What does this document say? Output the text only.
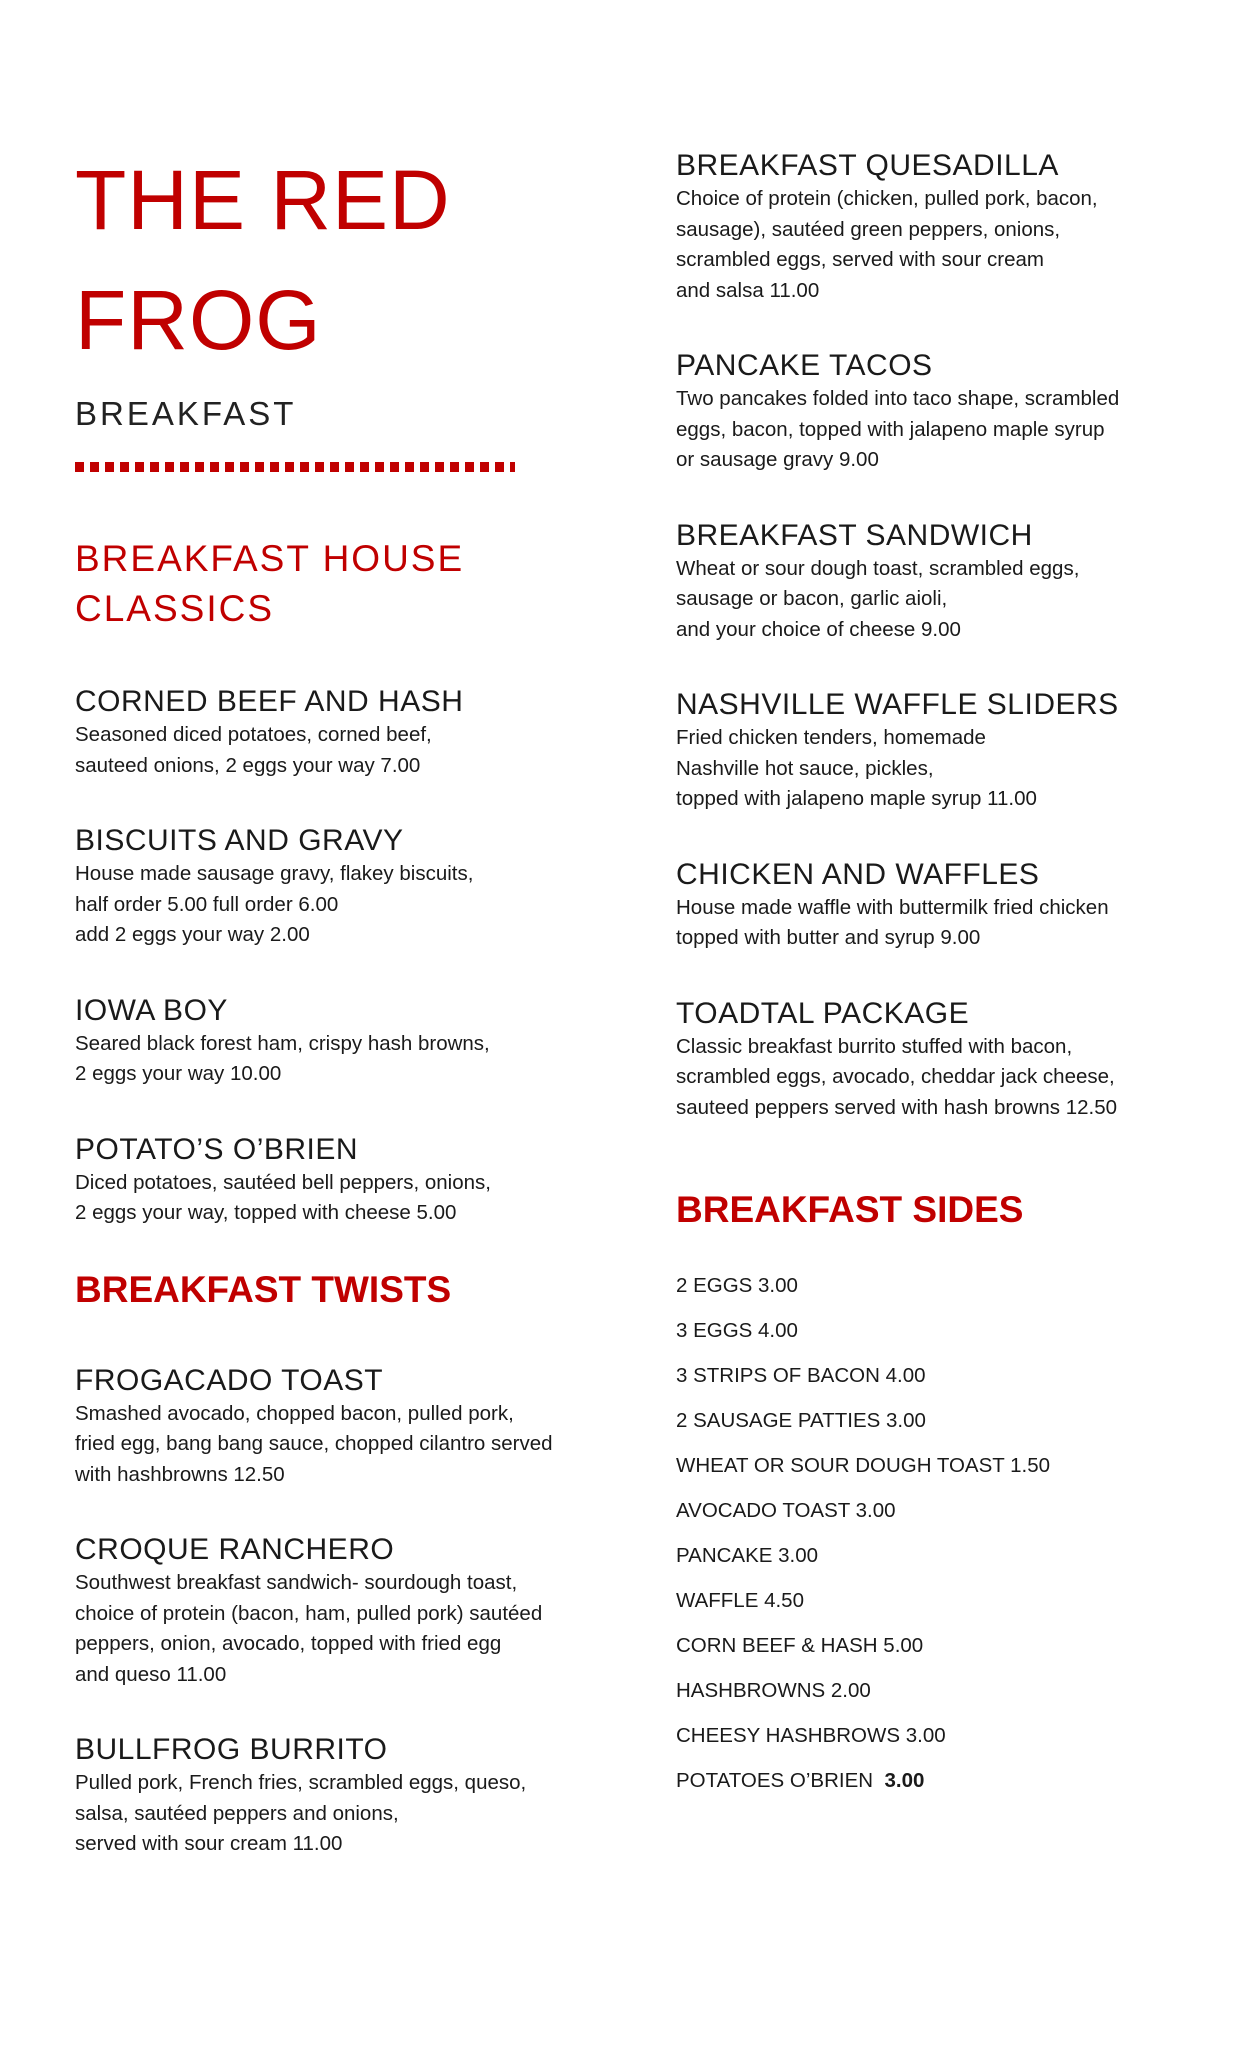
THE RED
FROG
BREAKFAST
BREAKFAST HOUSE
CLASSICS
CORNED BEEF AND HASH
Seasoned diced potatoes, corned beef,
sauteed onions, 2 eggs your way 7.00
BISCUITS AND GRAVY
House made sausage gravy, flakey biscuits,
half order 5.00 full order 6.00
add 2 eggs your way 2.00
IOWA BOY
Seared black forest ham, crispy hash browns,
2 eggs your way 10.00
POTATO’S O’BRIEN
Diced potatoes, sautéed bell peppers, onions,
2 eggs your way, topped with cheese 5.00
BREAKFAST TWISTS
FROGACADO TOAST
Smashed avocado, chopped bacon, pulled pork,
fried egg, bang bang sauce, chopped cilantro served
with hashbrowns 12.50
CROQUE RANCHERO
Southwest breakfast sandwich- sourdough toast,
choice of protein (bacon, ham, pulled pork) sautéed
peppers, onion, avocado, topped with fried egg
and queso 11.00
BULLFROG BURRITO
Pulled pork, French fries, scrambled eggs, queso,
salsa, sautéed peppers and onions,
served with sour cream 11.00
BREAKFAST QUESADILLA
Choice of protein (chicken, pulled pork, bacon,
sausage), sautéed green peppers, onions,
scrambled eggs, served with sour cream
and salsa 11.00
PANCAKE TACOS
Two pancakes folded into taco shape, scrambled
eggs, bacon, topped with jalapeno maple syrup
or sausage gravy 9.00
BREAKFAST SANDWICH
Wheat or sour dough toast, scrambled eggs,
sausage or bacon, garlic aioli,
and your choice of cheese 9.00
NASHVILLE WAFFLE SLIDERS
Fried chicken tenders, homemade
Nashville hot sauce, pickles,
topped with jalapeno maple syrup 11.00
CHICKEN AND WAFFLES
House made waffle with buttermilk fried chicken
topped with butter and syrup 9.00
TOADTAL PACKAGE
Classic breakfast burrito stuffed with bacon,
scrambled eggs, avocado, cheddar jack cheese,
sauteed peppers served with hash browns 12.50
BREAKFAST SIDES
2 EGGS 3.00
3 EGGS 4.00
3 STRIPS OF BACON 4.00
2 SAUSAGE PATTIES 3.00
WHEAT OR SOUR DOUGH TOAST 1.50
AVOCADO TOAST 3.00
PANCAKE 3.00
WAFFLE 4.50
CORN BEEF & HASH 5.00
HASHBROWNS 2.00
CHEESY HASHBROWS 3.00
POTATOES O’BRIEN  3.00
